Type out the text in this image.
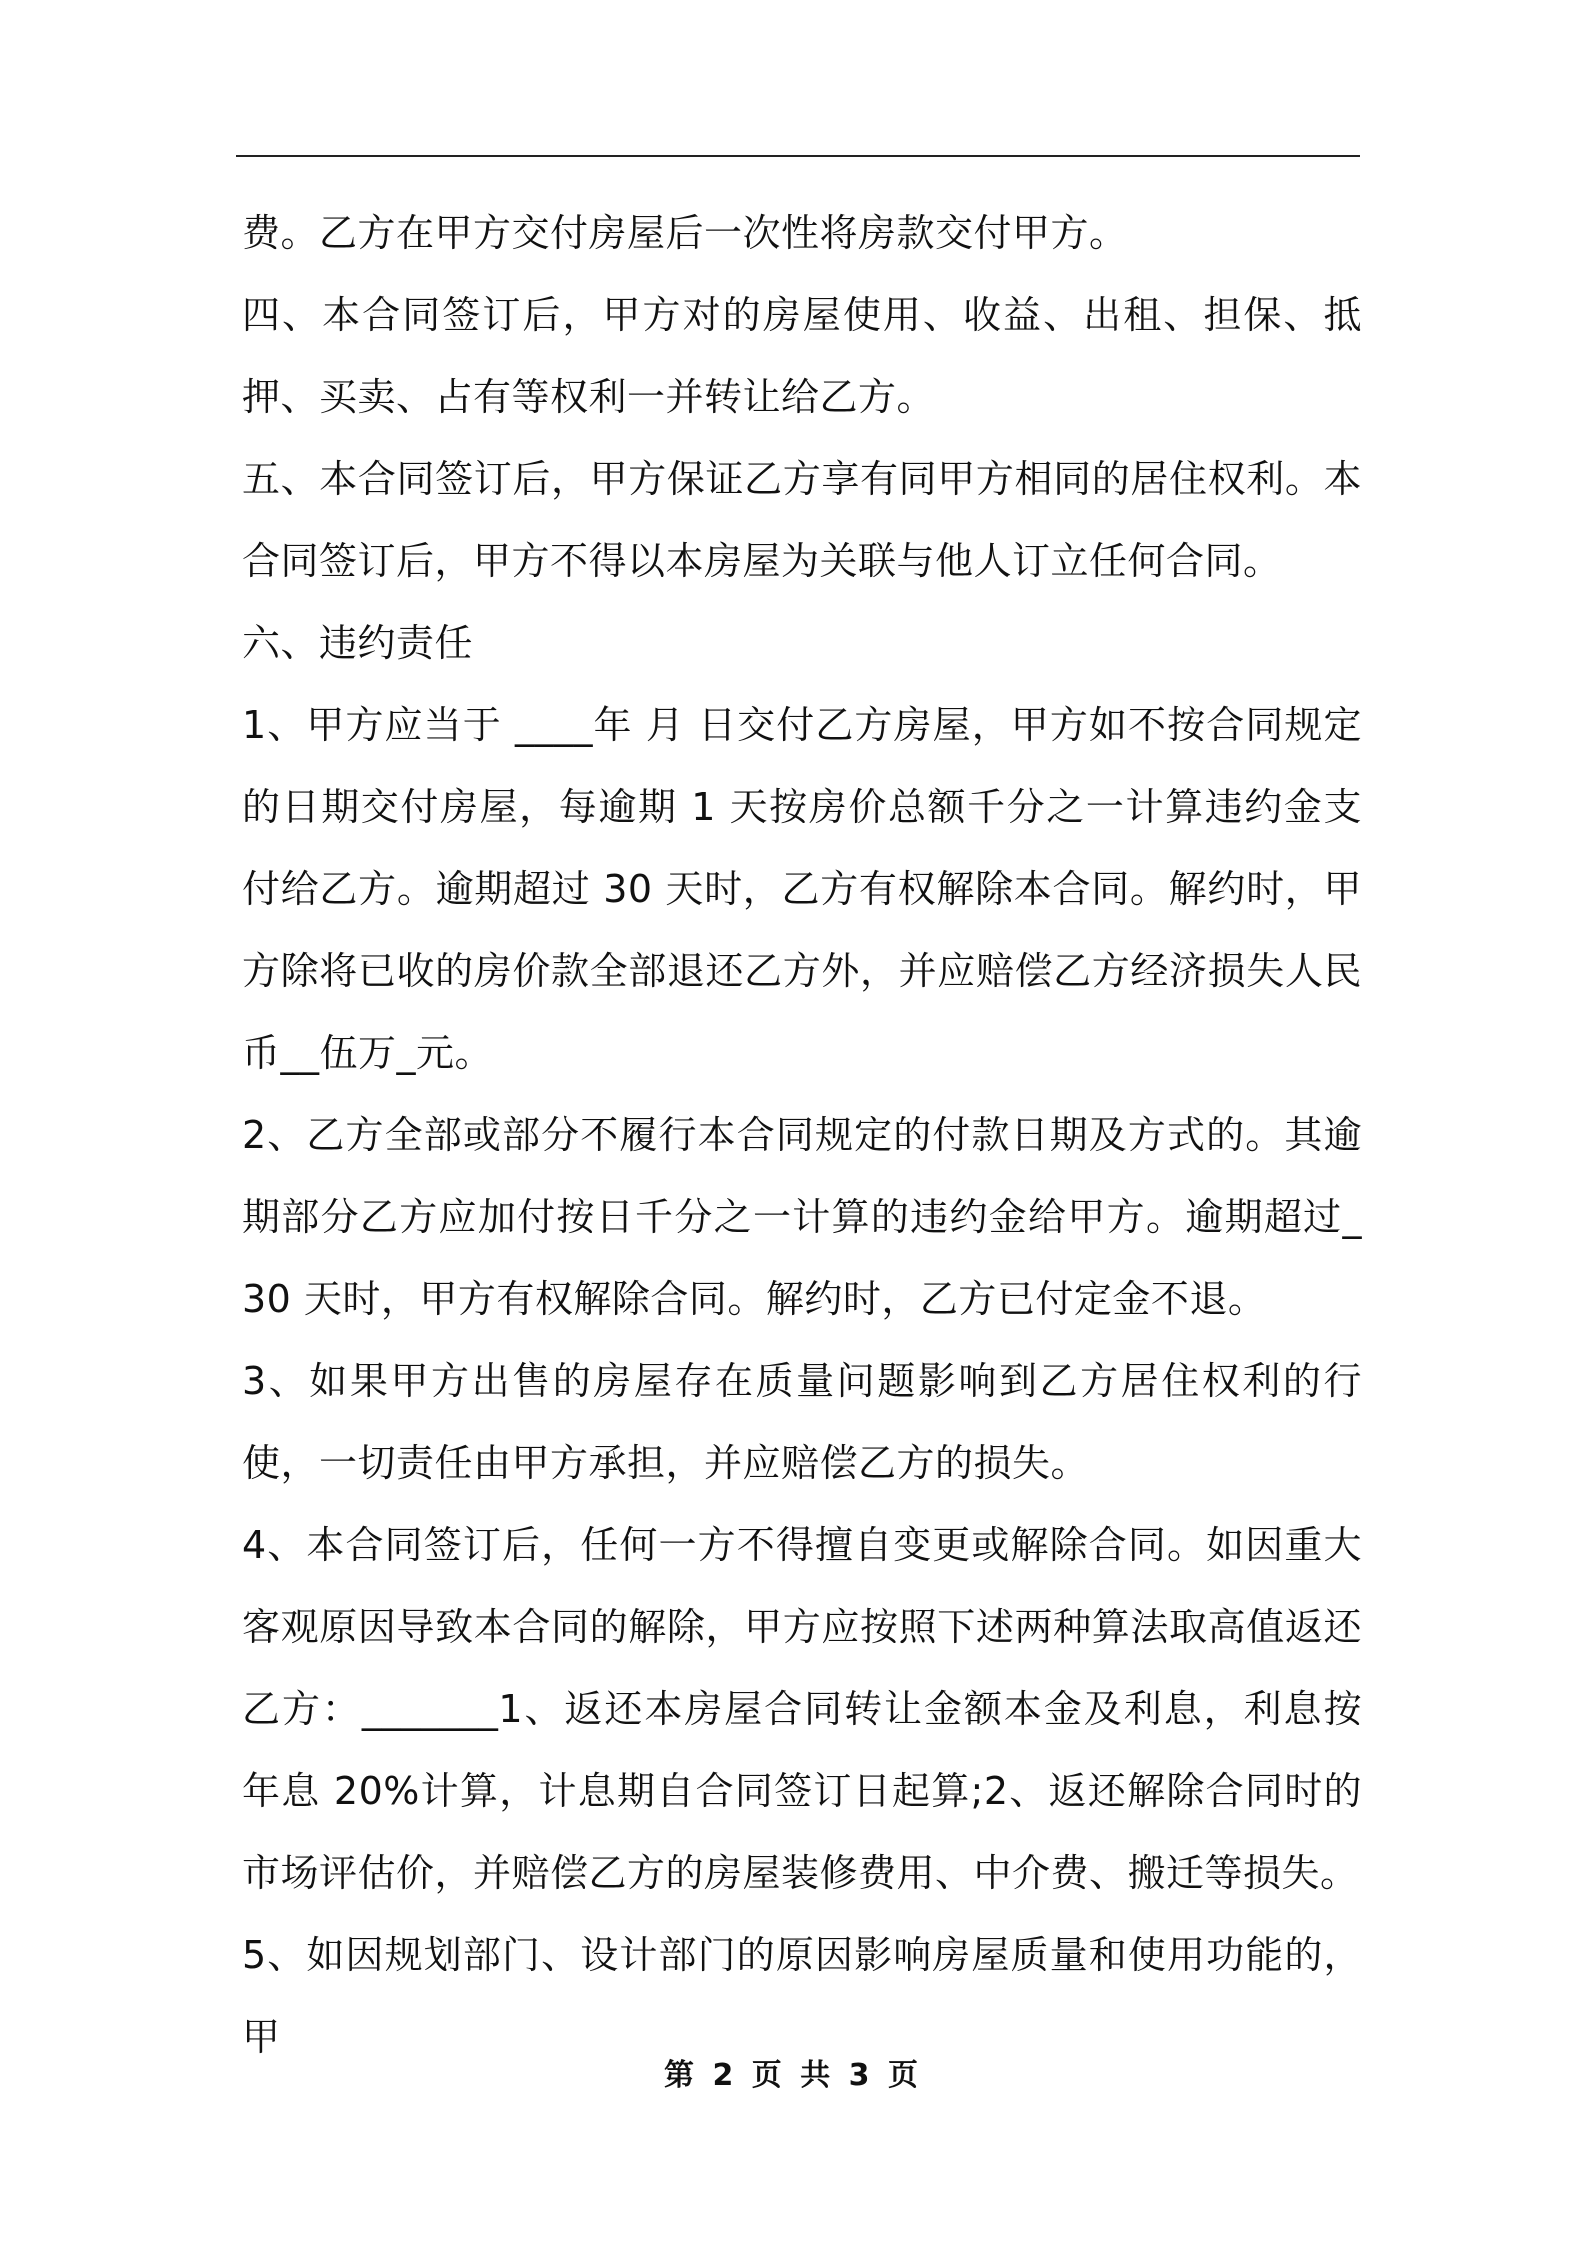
费。乙方在甲方交付房屋后一次性将房款交付甲方。

四、本合同签订后，甲方对的房屋使用、收益、出租、担保、抵押、买卖、占有等权利一并转让给乙方。

五、本合同签订后，甲方保证乙方享有同甲方相同的居住权利。本合同签订后，甲方不得以本房屋为关联与他人订立任何合同。

六、违约责任

1、甲方应当于 ____年 月 日交付乙方房屋，甲方如不按合同规定的日期交付房屋，每逾期 1 天按房价总额千分之一计算违约金支付给乙方。逾期超过 30 天时，乙方有权解除本合同。解约时，甲方除将已收的房价款全部退还乙方外，并应赔偿乙方经济损失人民币__伍万_元。

2、乙方全部或部分不履行本合同规定的付款日期及方式的。其逾期部分乙方应加付按日千分之一计算的违约金给甲方。逾期超过_30 天时，甲方有权解除合同。解约时，乙方已付定金不退。

3、如果甲方出售的房屋存在质量问题影响到乙方居住权利的行使，一切责任由甲方承担，并应赔偿乙方的损失。

4、本合同签订后，任何一方不得擅自变更或解除合同。如因重大客观原因导致本合同的解除，甲方应按照下述两种算法取高值返还乙方：_______1、返还本房屋合同转让金额本金及利息，利息按年息 20%计算，计息期自合同签订日起算;2、返还解除合同时的市场评估价，并赔偿乙方的房屋装修费用、中介费、搬迁等损失。

5、如因规划部门、设计部门的原因影响房屋质量和使用功能的，甲

第 2 页 共 3 页
